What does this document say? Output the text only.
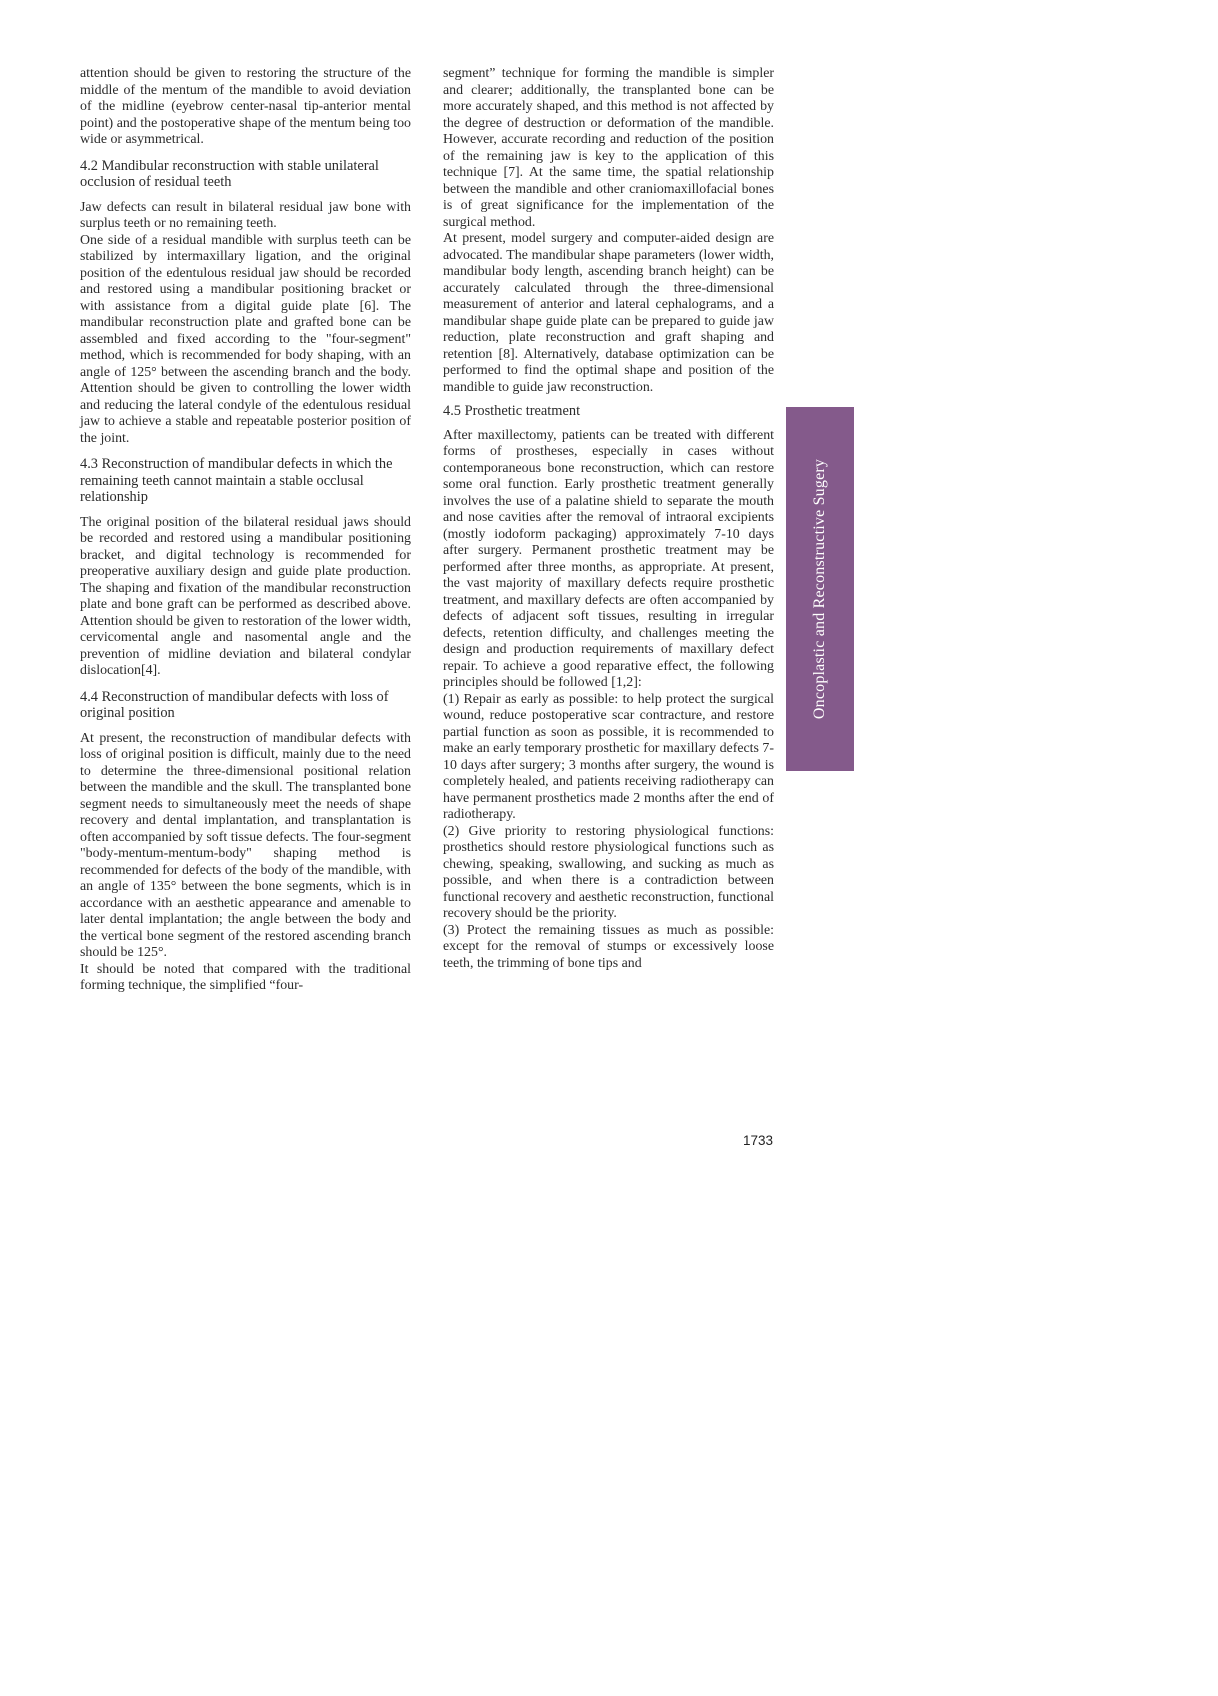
attention should be given to restoring the structure of the middle of the mentum of the mandible to avoid deviation of the midline (eyebrow center-nasal tip-anterior mental point) and the postoperative shape of the mentum being too wide or asymmetrical.

4.2 Mandibular reconstruction with stable unilateral occlusion of residual teeth

Jaw defects can result in bilateral residual jaw bone with surplus teeth or no remaining teeth.

One side of a residual mandible with surplus teeth can be stabilized by intermaxillary ligation, and the original position of the edentulous residual jaw should be recorded and restored using a mandibular positioning bracket or with assistance from a digital guide plate [6]. The mandibular reconstruction plate and grafted bone can be assembled and fixed according to the "four-segment" method, which is recommended for body shaping, with an angle of 125° between the ascending branch and the body. Attention should be given to controlling the lower width and reducing the lateral condyle of the edentulous residual jaw to achieve a stable and repeatable posterior position of the joint.

4.3 Reconstruction of mandibular defects in which the remaining teeth cannot maintain a stable occlusal relationship

The original position of the bilateral residual jaws should be recorded and restored using a mandibular positioning bracket, and digital technology is recommended for preoperative auxiliary design and guide plate production. The shaping and fixation of the mandibular reconstruction plate and bone graft can be performed as described above. Attention should be given to restoration of the lower width, cervicomental angle and nasomental angle and the prevention of midline deviation and bilateral condylar dislocation[4].

4.4 Reconstruction of mandibular defects with loss of original position

At present, the reconstruction of mandibular defects with loss of original position is difficult, mainly due to the need to determine the three-dimensional positional relation between the mandible and the skull. The transplanted bone segment needs to simultaneously meet the needs of shape recovery and dental implantation, and transplantation is often accompanied by soft tissue defects. The four-segment "body-mentum-mentum-body" shaping method is recommended for defects of the body of the mandible, with an angle of 135° between the bone segments, which is in accordance with an aesthetic appearance and amenable to later dental implantation; the angle between the body and the vertical bone segment of the restored ascending branch should be 125°.

It should be noted that compared with the traditional forming technique, the simplified “four-

segment” technique for forming the mandible is simpler and clearer; additionally, the transplanted bone can be more accurately shaped, and this method is not affected by the degree of destruction or deformation of the mandible. However, accurate recording and reduction of the position of the remaining jaw is key to the application of this technique [7]. At the same time, the spatial relationship between the mandible and other craniomaxillofacial bones is of great significance for the implementation of the surgical method.

At present, model surgery and computer-aided design are advocated. The mandibular shape parameters (lower width, mandibular body length, ascending branch height) can be accurately calculated through the three-dimensional measurement of anterior and lateral cephalograms, and a mandibular shape guide plate can be prepared to guide jaw reduction, plate reconstruction and graft shaping and retention [8]. Alternatively, database optimization can be performed to find the optimal shape and position of the mandible to guide jaw reconstruction.

4.5 Prosthetic treatment

After maxillectomy, patients can be treated with different forms of prostheses, especially in cases without contemporaneous bone reconstruction, which can restore some oral function. Early prosthetic treatment generally involves the use of a palatine shield to separate the mouth and nose cavities after the removal of intraoral excipients (mostly iodoform packaging) approximately 7-10 days after surgery. Permanent prosthetic treatment may be performed after three months, as appropriate. At present, the vast majority of maxillary defects require prosthetic treatment, and maxillary defects are often accompanied by defects of adjacent soft tissues, resulting in irregular defects, retention difficulty, and challenges meeting the design and production requirements of maxillary defect repair. To achieve a good reparative effect, the following principles should be followed [1,2]:

(1) Repair as early as possible: to help protect the surgical wound, reduce postoperative scar contracture, and restore partial function as soon as possible, it is recommended to make an early temporary prosthetic for maxillary defects 7-10 days after surgery; 3 months after surgery, the wound is completely healed, and patients receiving radiotherapy can have permanent prosthetics made 2 months after the end of radiotherapy.

(2) Give priority to restoring physiological functions: prosthetics should restore physiological functions such as chewing, speaking, swallowing, and sucking as much as possible, and when there is a contradiction between functional recovery and aesthetic reconstruction, functional recovery should be the priority.

(3) Protect the remaining tissues as much as possible: except for the removal of stumps or excessively loose teeth, the trimming of bone tips and

Oncoplastic and Reconstructive Sugery
1733
